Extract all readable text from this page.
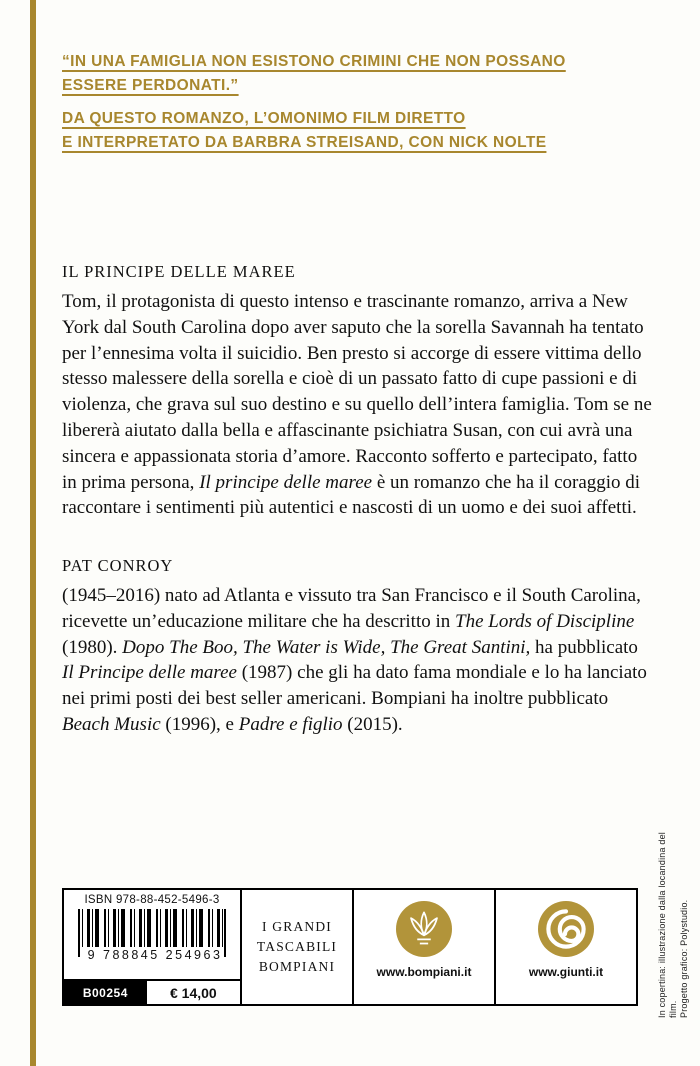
“IN UNA FAMIGLIA NON ESISTONO CRIMINI CHE NON POSSANO
ESSERE PERDONATI.”
DA QUESTO ROMANZO, L’OMONIMO FILM DIRETTO
E INTERPRETATO DA BARBRA STREISAND, CON NICK NOLTE
IL PRINCIPE DELLE MAREE

Tom, il protagonista di questo intenso e trascinante romanzo, arriva a New York dal South Carolina dopo aver saputo che la sorella Savannah ha tentato per l’ennesima volta il suicidio. Ben presto si accorge di essere vittima dello stesso malessere della sorella e cioè di un passato fatto di cupe passioni e di violenza, che grava sul suo destino e su quello dell’intera famiglia. Tom se ne libererà aiutato dalla bella e affascinante psichiatra Susan, con cui avrà una sincera e appassionata storia d’amore. Racconto sofferto e partecipato, fatto in prima persona, Il principe delle maree è un romanzo che ha il coraggio di raccontare i sentimenti più autentici e nascosti di un uomo e dei suoi affetti.

PAT CONROY

(1945–2016) nato ad Atlanta e vissuto tra San Francisco e il South Carolina, ricevette un’educazione militare che ha descritto in The Lords of Discipline (1980). Dopo The Boo, The Water is Wide, The Great Santini, ha pubblicato Il Principe delle maree (1987) che gli ha dato fama mondiale e lo ha lanciato nei primi posti dei best seller americani. Bompiani ha inoltre pubblicato Beach Music (1996), e Padre e figlio (2015).

ISBN 978-88-452-5496-3
9 788845 254963
B00254	€ 14,00
I GRANDI
TASCABILI
BOMPIANI	www.bompiani.it	www.giunti.it	In copertina: illustrazione dalla locandina del film. Progetto grafico: Polystudio.
